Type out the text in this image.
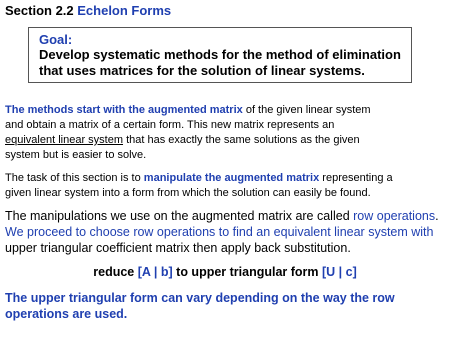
Section 2.2 Echelon Forms
Goal:
Develop systematic methods for the method of elimination
that uses matrices for the solution of linear systems.
The methods start with the augmented matrix of the given linear system
and obtain a matrix of a certain form. This new matrix represents an
equivalent linear system that has exactly the same solutions as the given
system but is easier to solve.
The task of this section is to manipulate the augmented matrix representing a
given linear system into a form from which the solution can easily be found.
The manipulations we use on the augmented matrix are called row operations.
We proceed to choose row operations to find an equivalent linear system with
upper triangular coefficient matrix then apply back substitution.
reduce [A | b] to upper triangular form [U | c]
The upper triangular form can vary depending on the way the row
operations are used.
